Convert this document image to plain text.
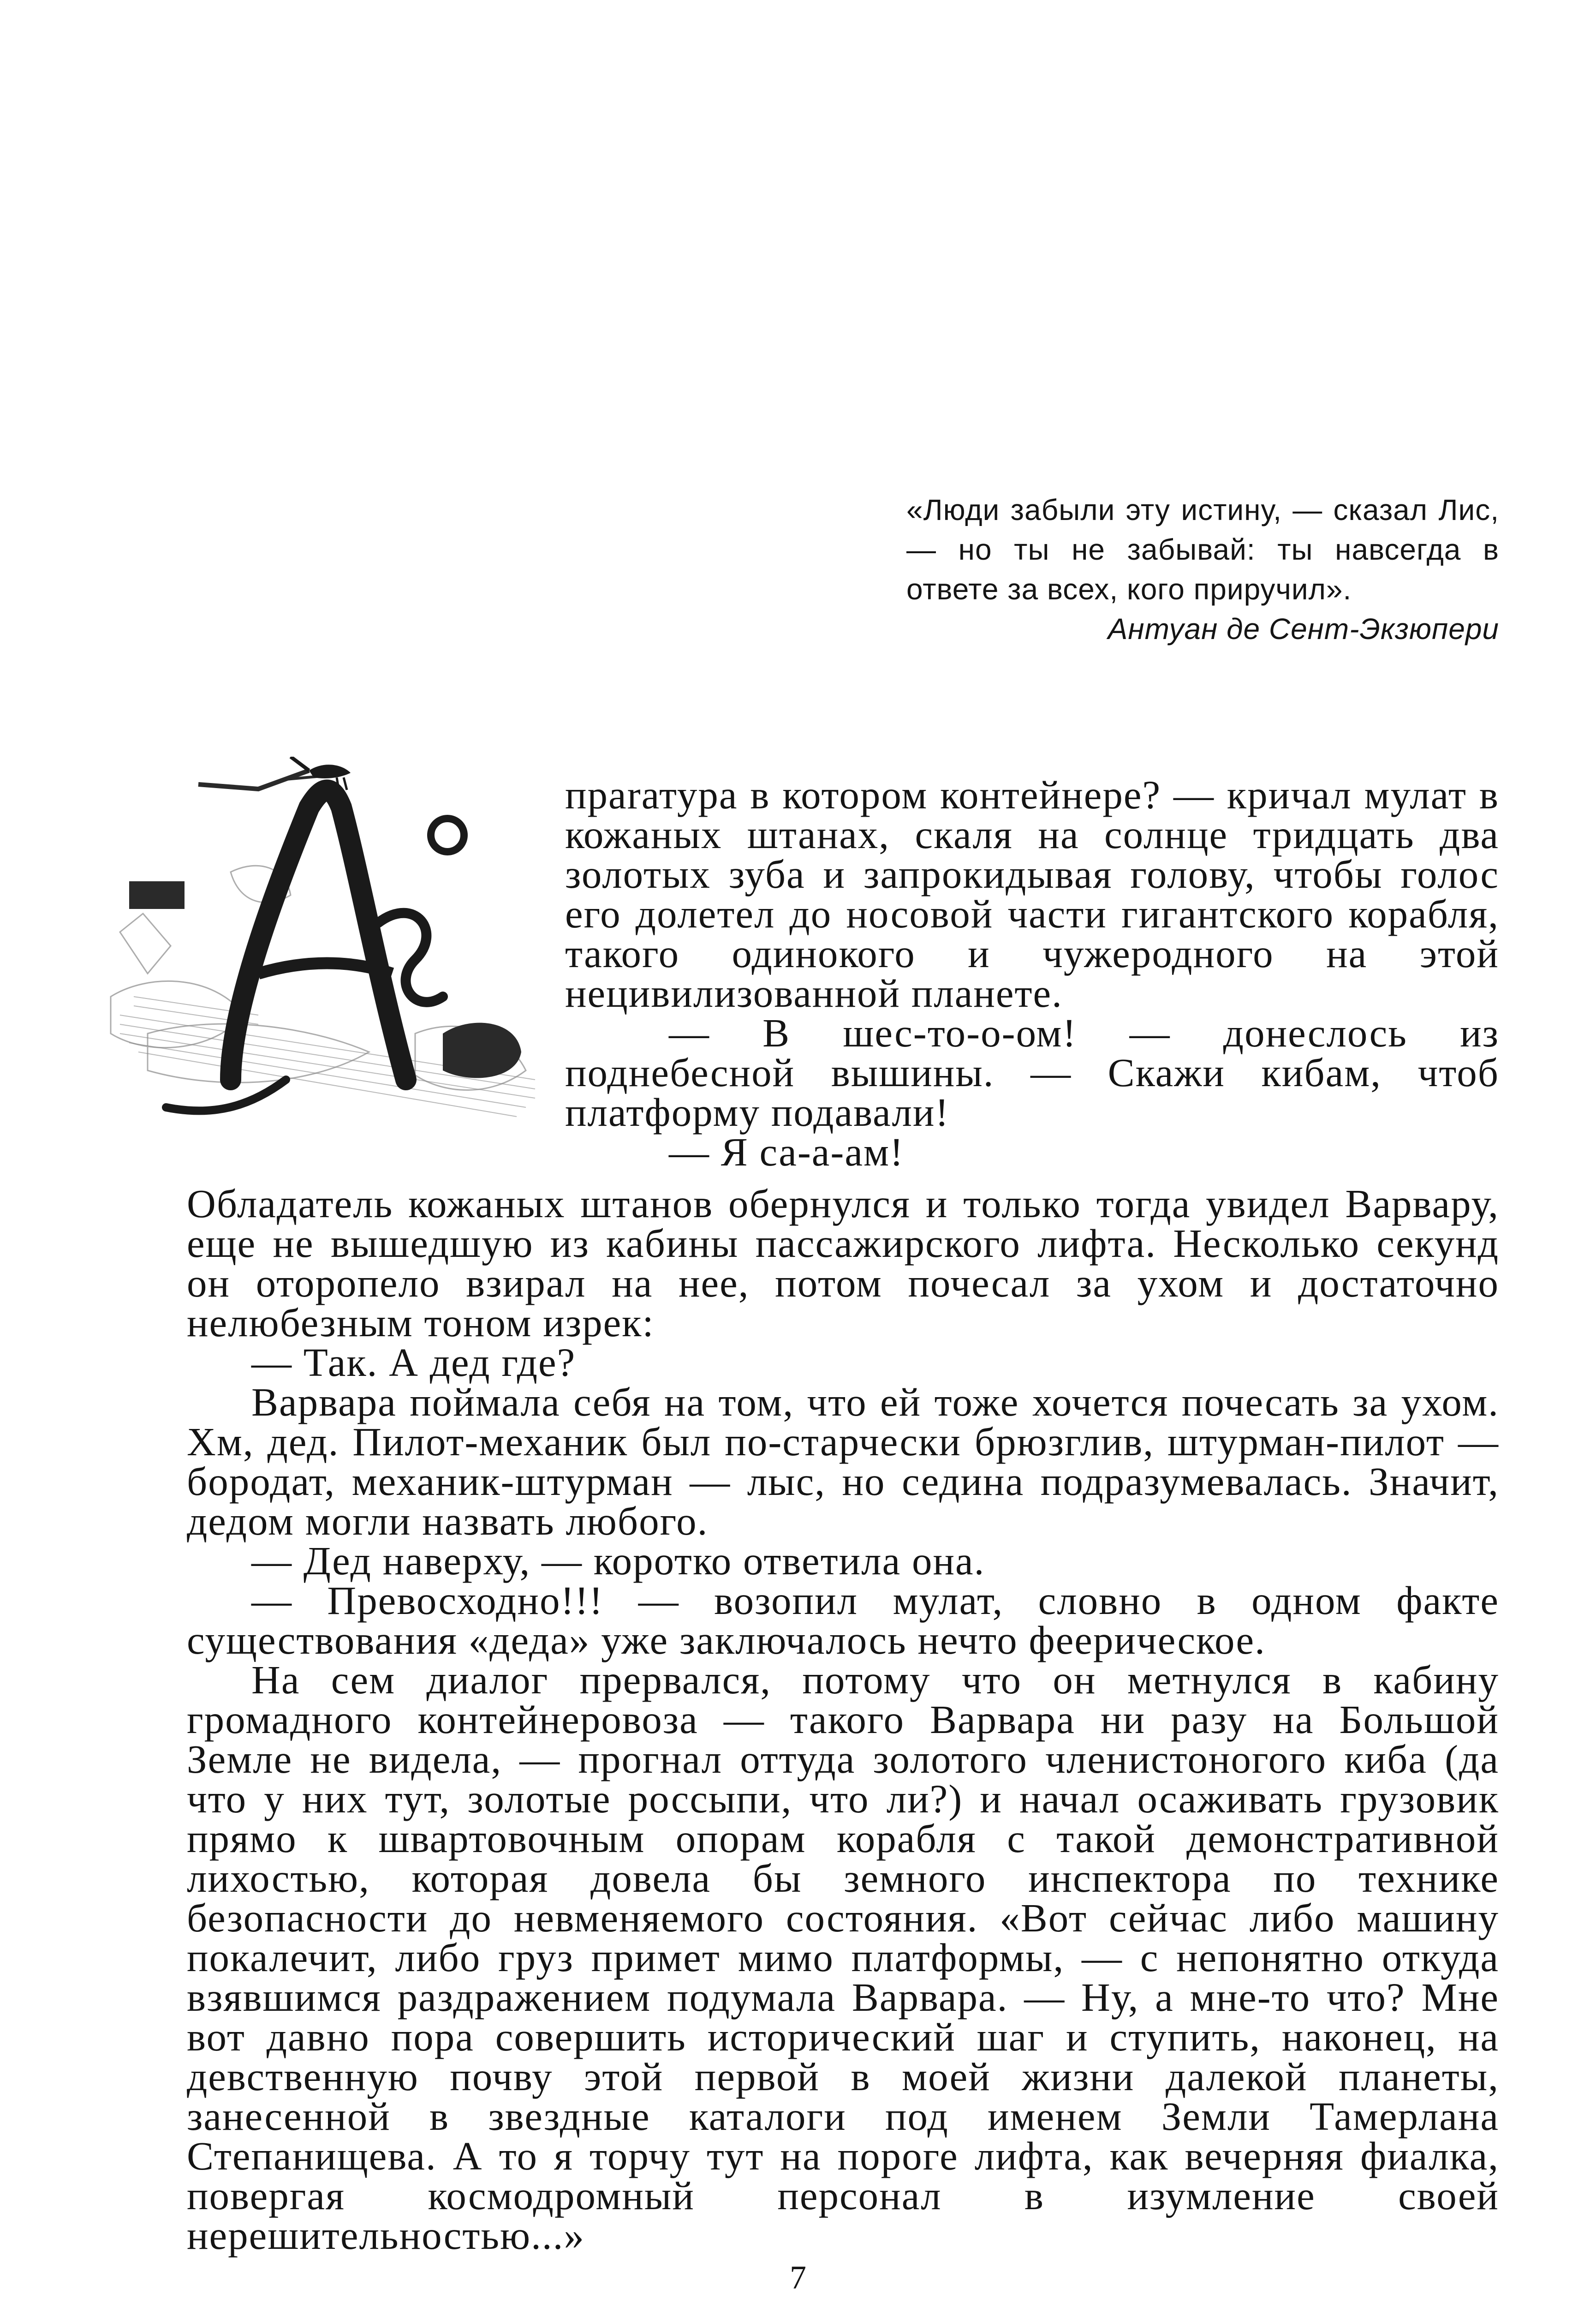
«Люди забыли эту истину, — сказал Лис, — но ты не забывай: ты навсегда в ответе за всех, кого приручил».
Антуан де Сент-Экзюпери

пparатура в котором контейнере? — кричал мулат в кожаных штанах, скаля на солнце тридцать два золотых зуба и запрокидывая голову, чтобы голос его долетел до носовой части гигантского корабля, такого одинокого и чужеродного на этой нецивилизованной планете.

— В шес-то-о-ом! — донеслось из поднебесной вышины. — Скажи кибам, чтоб платформу подавали!

— Я са-а-ам!

Обладатель кожаных штанов обернулся и только тогда увидел Варвару, еще не вышедшую из кабины пассажирского лифта. Несколько секунд он оторопело взирал на нее, потом почесал за ухом и достаточно нелюбезным тоном изрек:

— Так. А дед где?

Варвара поймала себя на том, что ей тоже хочется почесать за ухом. Хм, дед. Пилот-механик был по-старчески брюзглив, штурман-пилот — бородат, механик-штурман — лыс, но седина подразумевалась. Значит, дедом могли назвать любого.

— Дед наверху, — коротко ответила она.

— Превосходно!!! — возопил мулат, словно в одном факте существования «деда» уже заключалось нечто феерическое.

На сем диалог прервался, потому что он метнулся в кабину громадного контейнеровоза — такого Варвара ни разу на Большой Земле не видела, — прогнал оттуда золотого членистоногого киба (да что у них тут, золотые россыпи, что ли?) и начал осаживать грузовик прямо к швартовочным опорам корабля с такой демонстративной лихостью, которая довела бы земного инспектора по технике безопасности до невменяемого состояния. «Вот сейчас либо машину покалечит, либо груз примет мимо платформы, — с непонятно откуда взявшимся раздражением подумала Варвара. — Ну, а мне-то что? Мне вот давно пора совершить исторический шаг и ступить, наконец, на девственную почву этой первой в моей жизни далекой планеты, занесенной в звездные каталоги под именем Земли Тамерлана Степанищева. А то я торчу тут на пороге лифта, как вечерняя фиалка, повергая космодромный персонал в изумление своей нерешительностью...»

7
